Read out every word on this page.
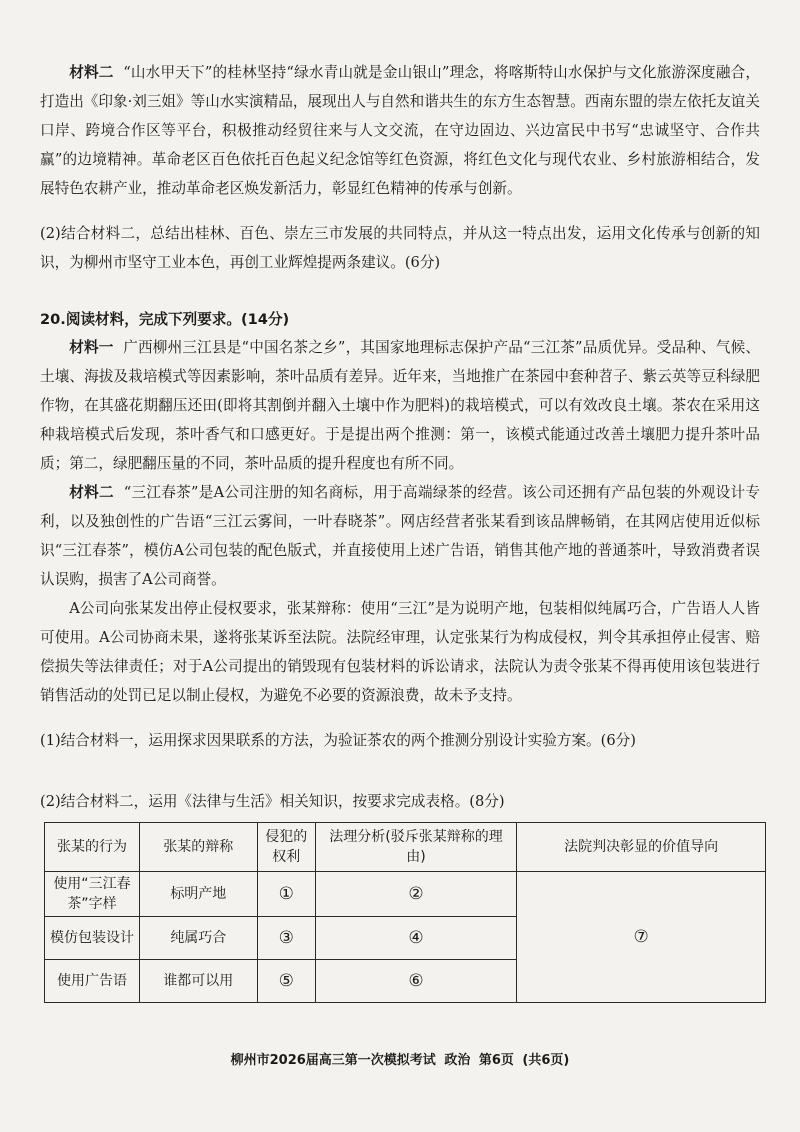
材料二 “山水甲天下”的桂林坚持“绿水青山就是金山银山”理念，将喀斯特山水保护与文化旅游深度融合，打造出《印象·刘三姐》等山水实演精品，展现出人与自然和谐共生的东方生态智慧。西南东盟的崇左依托友谊关口岸、跨境合作区等平台，积极推动经贸往来与人文交流，在守边固边、兴边富民中书写“忠诚坚守、合作共赢”的边境精神。革命老区百色依托百色起义纪念馆等红色资源，将红色文化与现代农业、乡村旅游相结合，发展特色农耕产业，推动革命老区焕发新活力，彰显红色精神的传承与创新。

(2)结合材料二，总结出桂林、百色、崇左三市发展的共同特点，并从这一特点出发，运用文化传承与创新的知识，为柳州市坚守工业本色，再创工业辉煌提两条建议。(6分)

20.阅读材料，完成下列要求。(14分)

材料一 广西柳州三江县是“中国名茶之乡”，其国家地理标志保护产品“三江茶”品质优异。受品种、气候、土壤、海拔及栽培模式等因素影响，茶叶品质有差异。近年来，当地推广在茶园中套种苕子、紫云英等豆科绿肥作物，在其盛花期翻压还田(即将其割倒并翻入土壤中作为肥料)的栽培模式，可以有效改良土壤。茶农在采用这种栽培模式后发现，茶叶香气和口感更好。于是提出两个推测：第一，该模式能通过改善土壤肥力提升茶叶品质；第二，绿肥翻压量的不同，茶叶品质的提升程度也有所不同。

材料二 “三江春茶”是A公司注册的知名商标，用于高端绿茶的经营。该公司还拥有产品包装的外观设计专利，以及独创性的广告语“三江云雾间，一叶春晓茶”。网店经营者张某看到该品牌畅销，在其网店使用近似标识“三江春茶”，模仿A公司包装的配色版式，并直接使用上述广告语，销售其他产地的普通茶叶，导致消费者误认误购，损害了A公司商誉。

A公司向张某发出停止侵权要求，张某辩称：使用“三江”是为说明产地，包装相似纯属巧合，广告语人人皆可使用。A公司协商未果，遂将张某诉至法院。法院经审理，认定张某行为构成侵权，判令其承担停止侵害、赔偿损失等法律责任；对于A公司提出的销毁现有包装材料的诉讼请求，法院认为责令张某不得再使用该包装进行销售活动的处罚已足以制止侵权，为避免不必要的资源浪费，故未予支持。

(1)结合材料一，运用探求因果联系的方法，为验证茶农的两个推测分别设计实验方案。(6分)

(2)结合材料二，运用《法律与生活》相关知识，按要求完成表格。(8分)

张某的行为	张某的辩称	侵犯的权利	法理分析(驳斥张某辩称的理由)	法院判决彰显的价值导向
使用“三江春茶”字样	标明产地	①	②	⑦
模仿包装设计	纯属巧合	③	④	
使用广告语	谁都可以用	⑤	⑥	
柳州市2026届高三第一次模拟考试 政治 第6页 (共6页)
